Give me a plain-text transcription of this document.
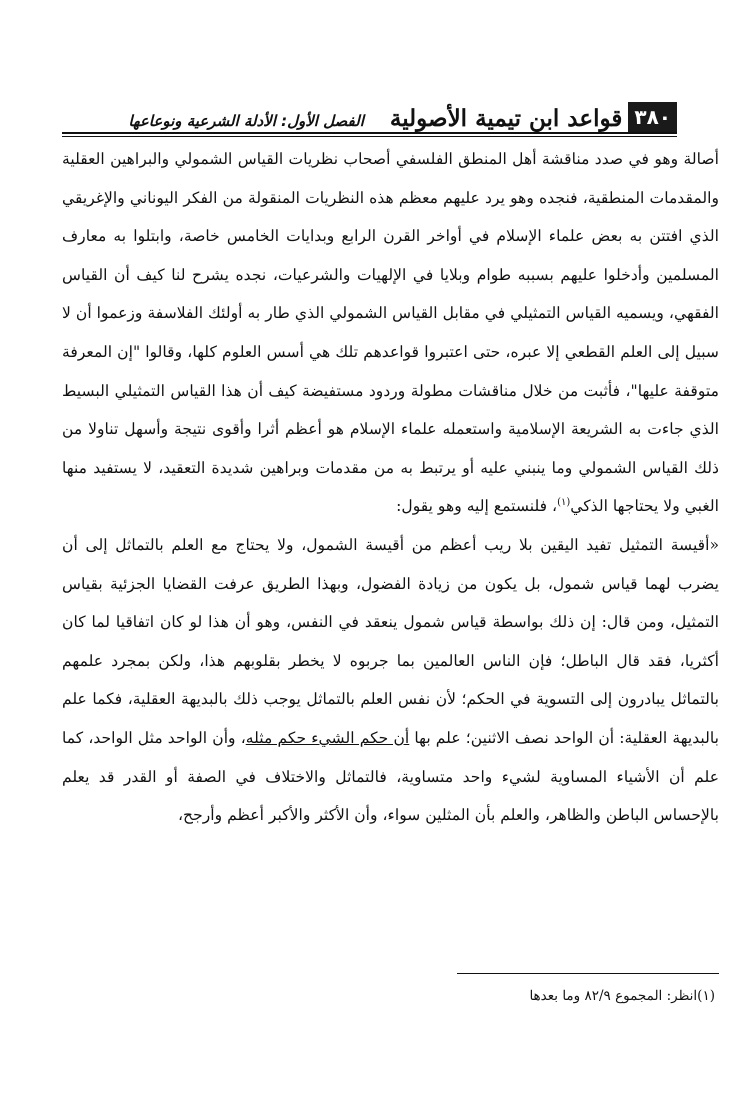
٣٨٠
قواعد ابن تيمية الأصولية
الفصل الأول: الأدلة الشرعية ونوعاعها

أصالة وهو في صدد مناقشة أهل المنطق الفلسفي أصحاب نظريات القياس الشمولي والبراهين العقلية والمقدمات المنطقية، فنجده وهو يرد عليهم معظم هذه النظريات المنقولة من الفكر اليوناني والإغريقي الذي افتتن به بعض علماء الإسلام في أواخر القرن الرابع وبدايات الخامس خاصة، وابتلوا به معارف المسلمين وأدخلوا عليهم بسببه طوام وبلايا في الإلهيات والشرعيات، نجده يشرح لنا كيف أن القياس الفقهي، ويسميه القياس التمثيلي في مقابل القياس الشمولي الذي طار به أولئك الفلاسفة وزعموا أن لا سبيل إلى العلم القطعي إلا عبره، حتى اعتبروا قواعدهم تلك هي أسس العلوم كلها، وقالوا "إن المعرفة متوقفة عليها"، فأثبت من خلال مناقشات مطولة وردود مستفيضة كيف أن هذا القياس التمثيلي البسيط الذي جاءت به الشريعة الإسلامية واستعمله علماء الإسلام هو أعظم أثرا وأقوى نتيجة وأسهل تناولا من ذلك القياس الشمولي وما ينبني عليه أو يرتبط به من مقدمات وبراهين شديدة التعقيد، لا يستفيد منها الغبي ولا يحتاجها الذكي$^{(١)}$، فلنستمع إليه وهو يقول:

«أقيسة التمثيل تفيد اليقين بلا ريب أعظم من أقيسة الشمول، ولا يحتاج مع العلم بالتماثل إلى أن يضرب لهما قياس شمول، بل يكون من زيادة الفضول، وبهذا الطريق عرفت القضايا الجزئية بقياس التمثيل، ومن قال: إن ذلك بواسطة قياس شمول ينعقد في النفس، وهو أن هذا لو كان اتفاقيا لما كان أكثريا، فقد قال الباطل؛ فإن الناس العالمين بما جربوه لا يخطر بقلوبهم هذا، ولكن بمجرد علمهم بالتماثل يبادرون إلى التسوية في الحكم؛ لأن نفس العلم بالتماثل يوجب ذلك بالبديهة العقلية، فكما علم بالبديهة العقلية: أن الواحد نصف الاثنين؛ علم بها أن حكم الشيء حكم مثله، وأن الواحد مثل الواحد، كما علم أن الأشياء المساوية لشيء واحد متساوية، فالتماثل والاختلاف في الصفة أو القدر قد يعلم بالإحساس الباطن والظاهر، والعلم بأن المثلين سواء، وأن الأكثر والأكبر أعظم وأرجح،

(١)انظر: المجموع ٨٢/٩ وما بعدها
